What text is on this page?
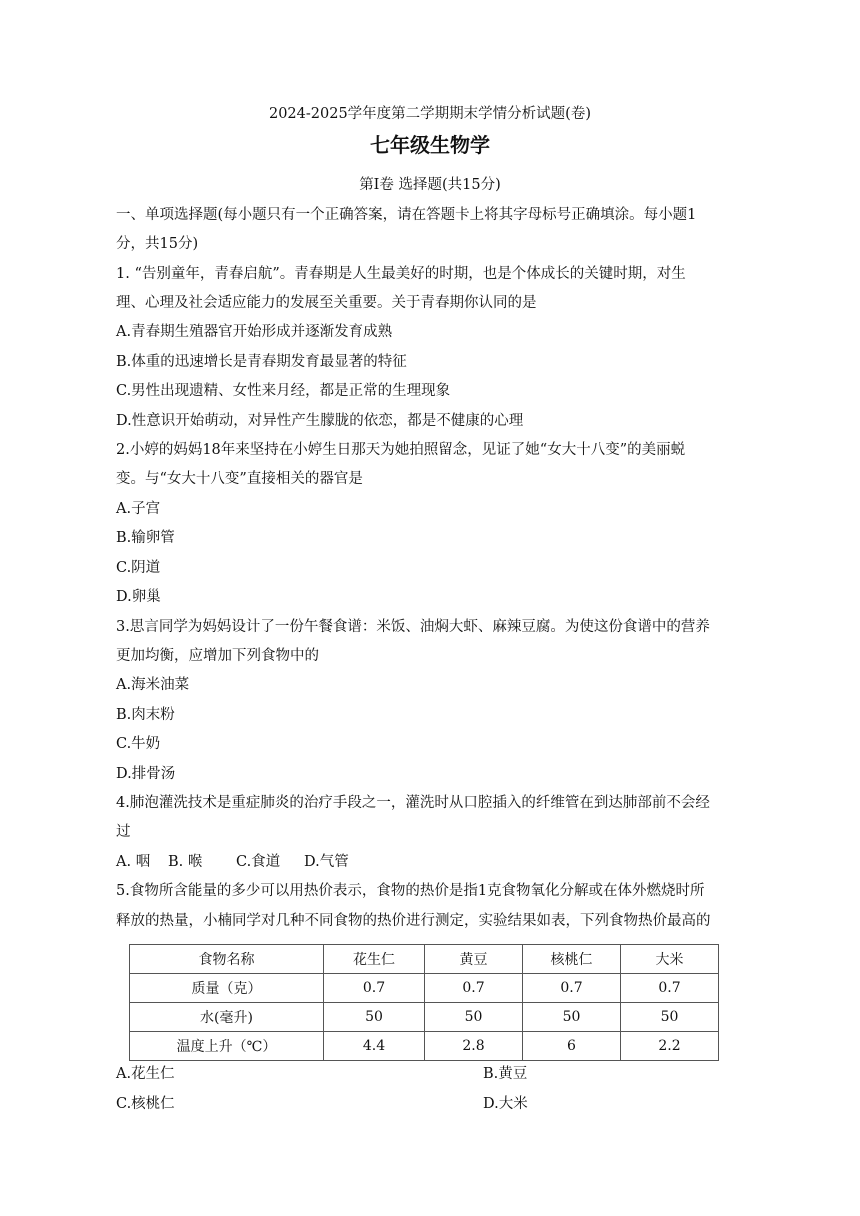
2024-2025学年度第二学期期末学情分析试题(卷)
七年级生物学
第Ⅰ卷 选择题(共15分)
一、单项选择题(每小题只有一个正确答案，请在答题卡上将其字母标号正确填涂。每小题1
分，共15分)
1. “告别童年，青春启航”。青春期是人生最美好的时期，也是个体成长的关键时期，对生
理、心理及社会适应能力的发展至关重要。关于青春期你认同的是
A.青春期生殖器官开始形成并逐渐发育成熟
B.体重的迅速增长是青春期发育最显著的特征
C.男性出现遗精、女性来月经，都是正常的生理现象
D.性意识开始萌动，对异性产生朦胧的依恋，都是不健康的心理
2.小婷的妈妈18年来坚持在小婷生日那天为她拍照留念，见证了她“女大十八变”的美丽蜕
变。与“女大十八变”直接相关的器官是
A.子宫
B.输卵管
C.阴道
D.卵巢
3.思言同学为妈妈设计了一份午餐食谱：米饭、油焖大虾、麻辣豆腐。为使这份食谱中的营养
更加均衡，应增加下列食物中的
A.海米油菜
B.肉末粉
C.牛奶
D.排骨汤
4.肺泡灌洗技术是重症肺炎的治疗手段之一，灌洗时从口腔插入的纤维管在到达肺部前不会经
过
A. 咽 B. 喉 C.食道 D.气管
5.食物所含能量的多少可以用热价表示，食物的热价是指1克食物氧化分解或在体外燃烧时所
释放的热量，小楠同学对几种不同食物的热价进行测定，实验结果如表，下列食物热价最高的
食物名称	花生仁	黄豆	核桃仁	大米
质量（克）	0.7	0.7	0.7	0.7
水(毫升)	50	50	50	50
温度上升（℃）	4.4	2.8	6	2.2
A.花生仁	B.黄豆
C.核桃仁	D.大米
